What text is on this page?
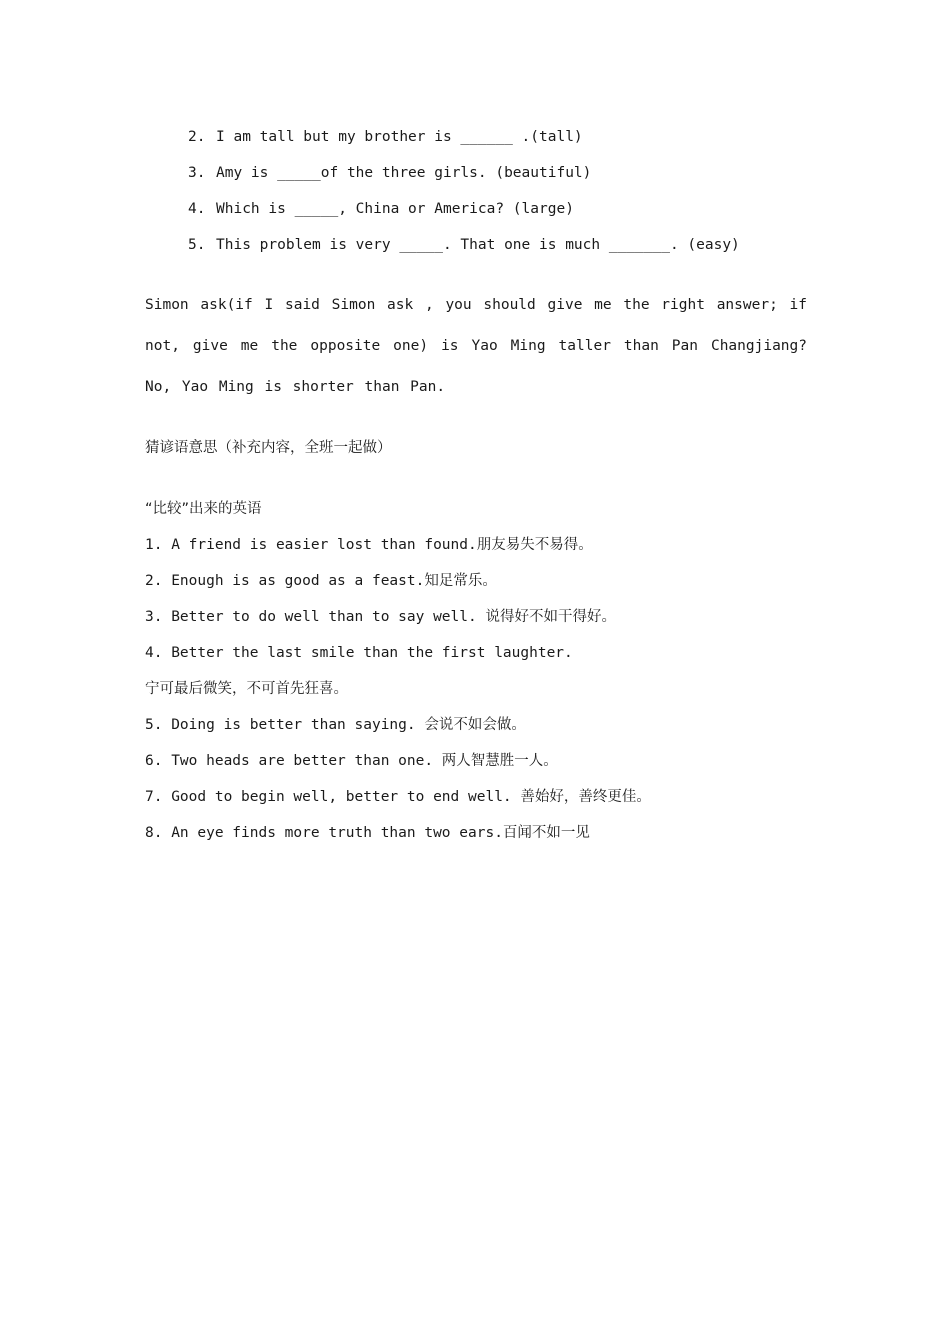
2. I am tall but my brother is ______ .(tall)
3. Amy is _____of the three girls. (beautiful)
4. Which is _____, China or America? (large)
5. This problem is very _____. That one is much _______. (easy)
Simon ask(if I said Simon ask , you should give me the right answer; if not, give me the opposite one) is Yao Ming taller than Pan Changjiang? No, Yao Ming is shorter than Pan.
猜谚语意思（补充内容，全班一起做）
“比较”出来的英语
1. A friend is easier lost than found.朋友易失不易得。
2. Enough is as good as a feast.知足常乐。
3. Better to do well than to say well. 说得好不如干得好。
4. Better the last smile than the first laughter.
宁可最后微笑，不可首先狂喜。
5. Doing is better than saying. 会说不如会做。
6. Two heads are better than one. 两人智慧胜一人。
7. Good to begin well, better to end well. 善始好，善终更佳。
8. An eye finds more truth than two ears.百闻不如一见
